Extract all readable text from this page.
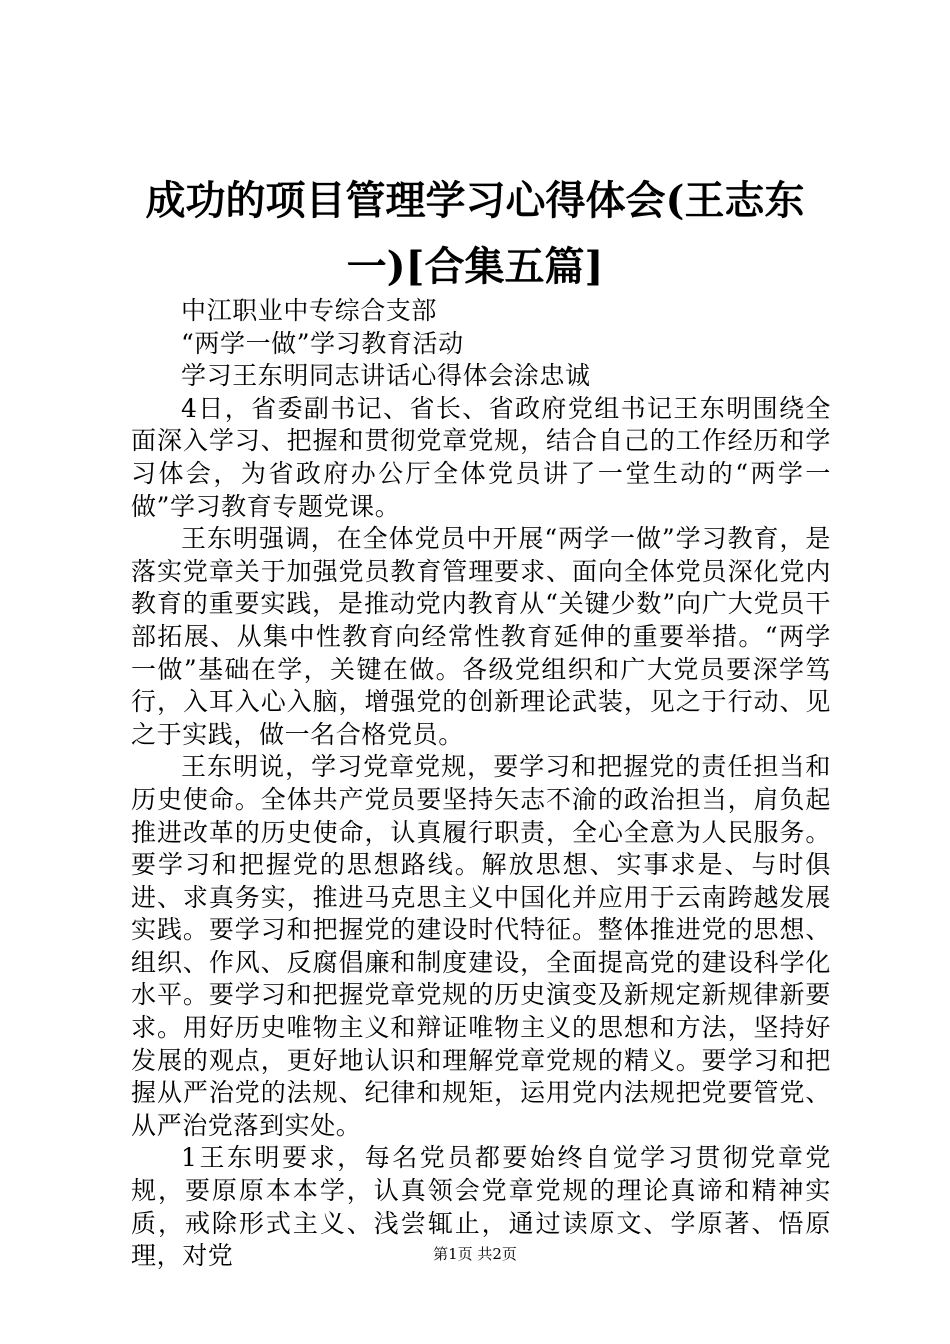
成功的项目管理学习心得体会(王志东一)[合集五篇]

中江职业中专综合支部

“两学一做”学习教育活动

学习王东明同志讲话心得体会涂忠诚

4日，省委副书记、省长、省政府党组书记王东明围绕全面深入学习、把握和贯彻党章党规，结合自己的工作经历和学习体会，为省政府办公厅全体党员讲了一堂生动的“两学一做”学习教育专题党课。

王东明强调，在全体党员中开展“两学一做”学习教育，是落实党章关于加强党员教育管理要求、面向全体党员深化党内教育的重要实践，是推动党内教育从“关键少数”向广大党员干部拓展、从集中性教育向经常性教育延伸的重要举措。“两学一做”基础在学，关键在做。各级党组织和广大党员要深学笃行，入耳入心入脑，增强党的创新理论武装，见之于行动、见之于实践，做一名合格党员。

王东明说，学习党章党规，要学习和把握党的责任担当和历史使命。全体共产党员要坚持矢志不渝的政治担当，肩负起推进改革的历史使命，认真履行职责，全心全意为人民服务。要学习和把握党的思想路线。解放思想、实事求是、与时俱进、求真务实，推进马克思主义中国化并应用于云南跨越发展实践。要学习和把握党的建设时代特征。整体推进党的思想、组织、作风、反腐倡廉和制度建设，全面提高党的建设科学化水平。要学习和把握党章党规的历史演变及新规定新规律新要求。用好历史唯物主义和辩证唯物主义的思想和方法，坚持好发展的观点，更好地认识和理解党章党规的精义。要学习和把握从严治党的法规、纪律和规矩，运用党内法规把党要管党、从严治党落到实处。

1王东明要求，每名党员都要始终自觉学习贯彻党章党规，要原原本本学，认真领会党章党规的理论真谛和精神实质，戒除形式主义、浅尝辄止，通过读原文、学原著、悟原理，对党	第1页 共2页
